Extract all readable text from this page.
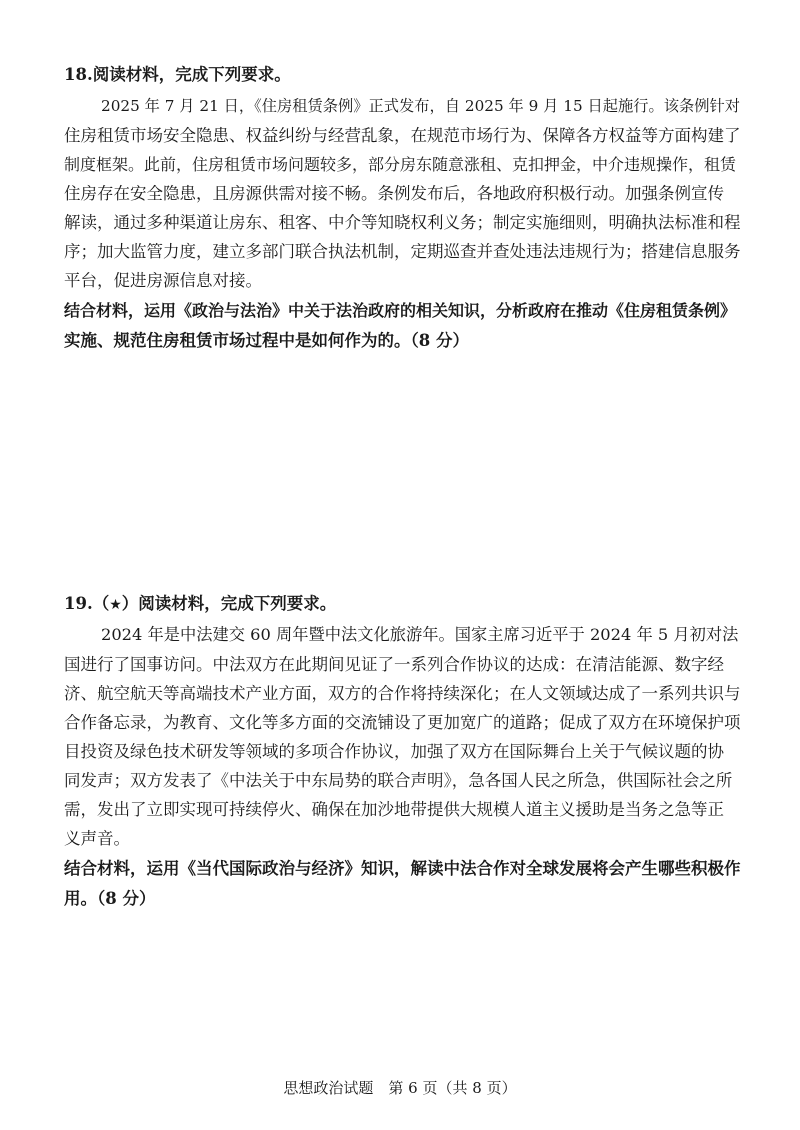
18.阅读材料，完成下列要求。
2025 年 7 月 21 日，《住房租赁条例》正式发布，自 2025 年 9 月 15 日起施行。该条例针对
住房租赁市场安全隐患、权益纠纷与经营乱象，在规范市场行为、保障各方权益等方面构建了
制度框架。此前，住房租赁市场问题较多，部分房东随意涨租、克扣押金，中介违规操作，租赁
住房存在安全隐患，且房源供需对接不畅。条例发布后，各地政府积极行动。加强条例宣传
解读，通过多种渠道让房东、租客、中介等知晓权利义务；制定实施细则，明确执法标准和程
序；加大监管力度，建立多部门联合执法机制，定期巡查并查处违法违规行为；搭建信息服务
平台，促进房源信息对接。
结合材料，运用《政治与法治》中关于法治政府的相关知识，分析政府在推动《住房租赁条例》
实施、规范住房租赁市场过程中是如何作为的。（8 分）
19.（★）阅读材料，完成下列要求。
2024 年是中法建交 60 周年暨中法文化旅游年。国家主席习近平于 2024 年 5 月初对法
国进行了国事访问。中法双方在此期间见证了一系列合作协议的达成：在清洁能源、数字经
济、航空航天等高端技术产业方面，双方的合作将持续深化；在人文领域达成了一系列共识与
合作备忘录，为教育、文化等多方面的交流铺设了更加宽广的道路；促成了双方在环境保护项
目投资及绿色技术研发等领域的多项合作协议，加强了双方在国际舞台上关于气候议题的协
同发声；双方发表了《中法关于中东局势的联合声明》，急各国人民之所急，供国际社会之所
需，发出了立即实现可持续停火、确保在加沙地带提供大规模人道主义援助是当务之急等正
义声音。
结合材料，运用《当代国际政治与经济》知识，解读中法合作对全球发展将会产生哪些积极作
用。（8 分）
思想政治试题　第 6 页（共 8 页）
